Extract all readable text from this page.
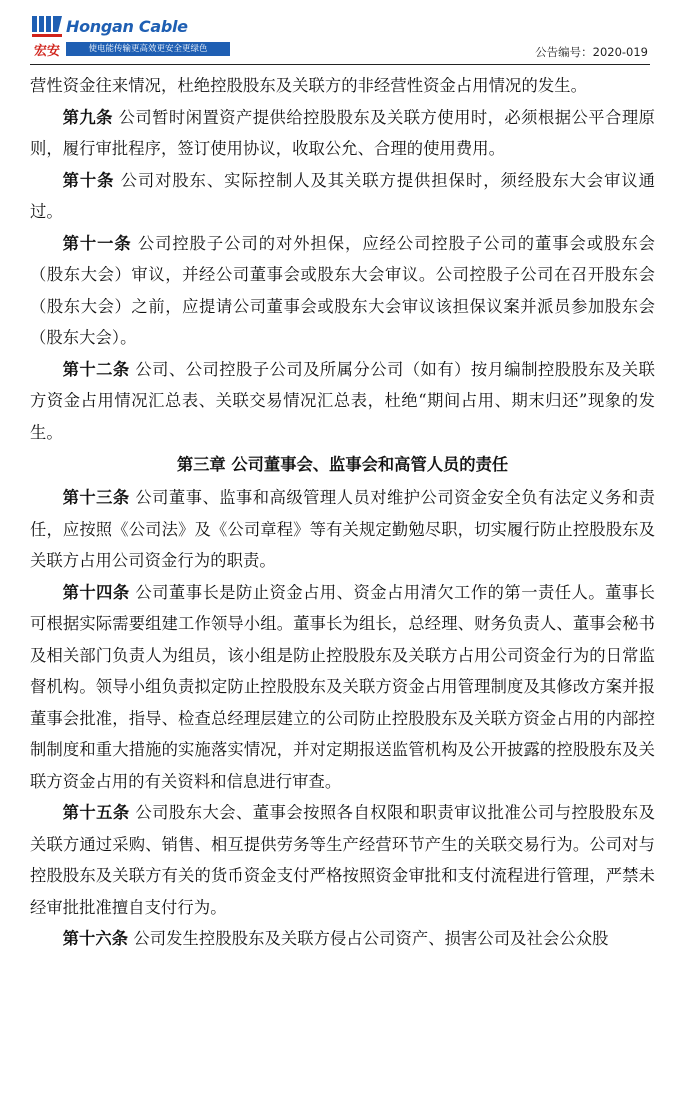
宏安
Hongan Cable
使电能传输更高效更安全更绿色	公告编号：2020-019

营性资金往来情况，杜绝控股股东及关联方的非经营性资金占用情况的发生。

第九条 公司暂时闲置资产提供给控股股东及关联方使用时，必须根据公平合理原则，履行审批程序，签订使用协议，收取公允、合理的使用费用。

第十条 公司对股东、实际控制人及其关联方提供担保时，须经股东大会审议通过。

第十一条 公司控股子公司的对外担保，应经公司控股子公司的董事会或股东会（股东大会）审议，并经公司董事会或股东大会审议。公司控股子公司在召开股东会（股东大会）之前，应提请公司董事会或股东大会审议该担保议案并派员参加股东会（股东大会）。

第十二条 公司、公司控股子公司及所属分公司（如有）按月编制控股股东及关联方资金占用情况汇总表、关联交易情况汇总表，杜绝“期间占用、期末归还”现象的发生。

第三章 公司董事会、监事会和高管人员的责任

第十三条 公司董事、监事和高级管理人员对维护公司资金安全负有法定义务和责任，应按照《公司法》及《公司章程》等有关规定勤勉尽职，切实履行防止控股股东及关联方占用公司资金行为的职责。

第十四条 公司董事长是防止资金占用、资金占用清欠工作的第一责任人。董事长可根据实际需要组建工作领导小组。董事长为组长，总经理、财务负责人、董事会秘书及相关部门负责人为组员，该小组是防止控股股东及关联方占用公司资金行为的日常监督机构。领导小组负责拟定防止控股股东及关联方资金占用管理制度及其修改方案并报董事会批准，指导、检查总经理层建立的公司防止控股股东及关联方资金占用的内部控制制度和重大措施的实施落实情况，并对定期报送监管机构及公开披露的控股股东及关联方资金占用的有关资料和信息进行审查。

第十五条 公司股东大会、董事会按照各自权限和职责审议批准公司与控股股东及关联方通过采购、销售、相互提供劳务等生产经营环节产生的关联交易行为。公司对与控股股东及关联方有关的货币资金支付严格按照资金审批和支付流程进行管理，严禁未经审批批准擅自支付行为。

第十六条 公司发生控股股东及关联方侵占公司资产、损害公司及社会公众股
